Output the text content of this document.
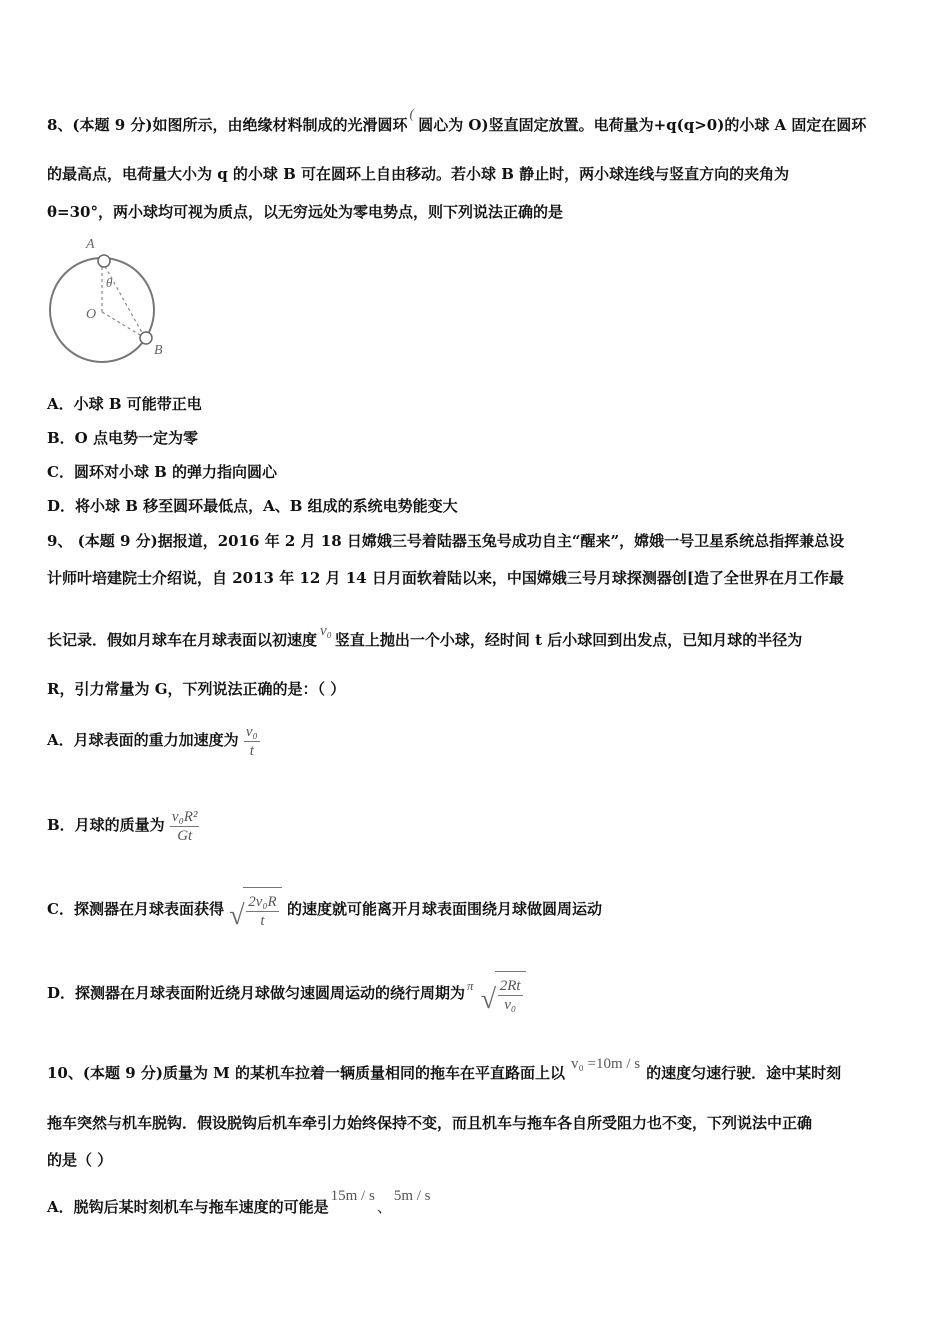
8、(本题 9 分)如图所示，由绝缘材料制成的光滑圆环(圆心为 O)竖直固定放置。电荷量为+q(q>0)的小球 A 固定在圆环
的最高点，电荷量大小为 q 的小球 B 可在圆环上自由移动。若小球 B 静止时，两小球连线与竖直方向的夹角为
θ=30°，两小球均可视为质点，以无穷远处为零电势点，则下列说法正确的是
A
θ
O
B
A．小球 B 可能带正电
B．O 点电势一定为零
C．圆环对小球 B 的弹力指向圆心
D．将小球 B 移至圆环最低点，A、B 组成的系统电势能变大
9、 (本题 9 分)据报道，2016 年 2 月 18 日嫦娥三号着陆器玉兔号成功自主“醒来”，嫦娥一号卫星系统总指挥兼总设
计师叶培建院士介绍说，自 2013 年 12 月 14 日月面软着陆以来，中国嫦娥三号月球探测器创[造了全世界在月工作最
长记录．假如月球车在月球表面以初速度 v₀ 竖直上抛出一个小球，经时间 t 后小球回到出发点，已知月球的半径为
R，引力常量为 G，下列说法正确的是：（ ）
A．月球表面的重力加速度为 $\frac{\text{v₀}}{t}$
B．月球的质量为 $\frac{\text{v₀R²}}{Gt}$
C．探测器在月球表面获得 √ $\frac{\text{2v₀R}}{t}$ 的速度就可能离开月球表面围绕月球做圆周运动
D．探测器在月球表面附近绕月球做匀速圆周运动的绕行周期为 π √ $\frac{2Rt}{\text{v₀}}$
10、(本题 9 分)质量为 M 的某机车拉着一辆质量相同的拖车在平直路面上以 v₀ =10m / s 的速度匀速行驶．途中某时刻
拖车突然与机车脱钩．假设脱钩后机车牵引力始终保持不变，而且机车与拖车各自所受阻力也不变，下列说法中正确
的是（ ）
A．脱钩后某时刻机车与拖车速度的可能是15m / s、5m / s
